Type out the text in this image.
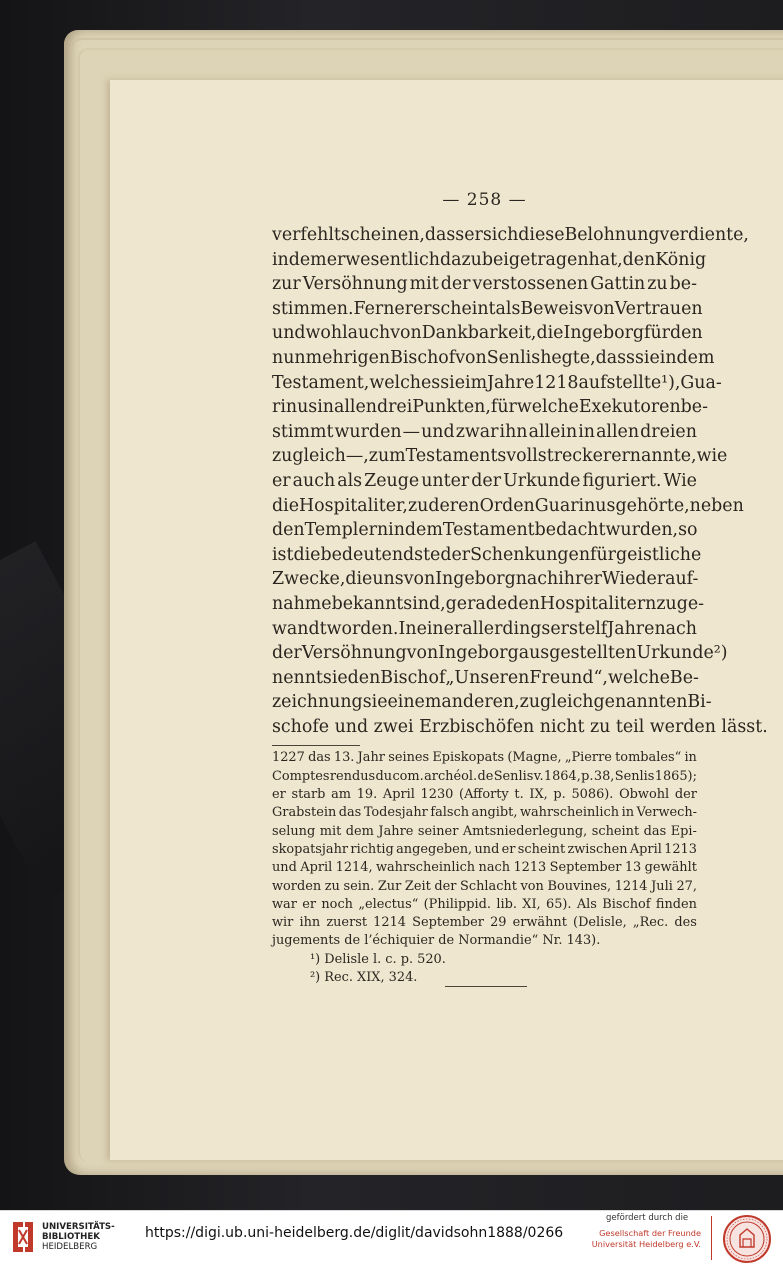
— 258 —
verfehlt scheinen, dass er sich diese Belohnung verdiente,
indem er wesentlich dazu beigetragen hat, den König
zur Versöhnung mit der verstossenen Gattin zu be-
stimmen. Ferner erscheint als Beweis von Vertrauen
und wohl auch von Dankbarkeit, die Ingeborg für den
nunmehrigen Bischof von Senlis hegte, dass sie in dem
Testament, welches sie im Jahre 1218 aufstellte¹), Gua-
rinus in allen drei Punkten, für welche Exekutoren be-
stimmt wurden — und zwar ihn allein in allen dreien
zugleich —, zum Testamentsvollstrecker ernannte, wie
er auch als Zeuge unter der Urkunde figuriert. Wie
die Hospitaliter, zu deren Orden Guarinus gehörte, neben
den Templern in dem Testament bedacht wurden, so
ist die bedeutendste der Schenkungen für geistliche
Zwecke, die uns von Ingeborg nach ihrer Wiederauf-
nahme bekannt sind, gerade den Hospitalitern zuge-
wandt worden. In einer allerdings erst elf Jahre nach
der Versöhnung von Ingeborg ausgestellten Urkunde²)
nennt sie den Bischof „Unseren Freund“, welche Be-
zeichnung sie einem anderen, zugleich genannten Bi-
schofe und zwei Erzbischöfen nicht zu teil werden lässt.
1227 das 13. Jahr seines Episkopats (Magne, „Pierre tombales“ in
Comptes rendus du com. archéol. de Senlis v. 1864, p. 38, Senlis 1865);
er starb am 19. April 1230 (Afforty t. IX, p. 5086). Obwohl der
Grabstein das Todesjahr falsch angibt, wahrscheinlich in Verwech-
selung mit dem Jahre seiner Amtsniederlegung, scheint das Epi-
skopatsjahr richtig angegeben, und er scheint zwischen April 1213
und April 1214, wahrscheinlich nach 1213 September 13 gewählt
worden zu sein. Zur Zeit der Schlacht von Bouvines, 1214 Juli 27,
war er noch „electus“ (Philippid. lib. XI, 65). Als Bischof finden
wir ihn zuerst 1214 September 29 erwähnt (Delisle, „Rec. des
jugements de l’échiquier de Normandie“ Nr. 143).
¹) Delisle l. c. p. 520.
²) Rec. XIX, 324.
UNIVERSITÄTS-
BIBLIOTHEK
HEIDELBERG
https://digi.ub.uni-heidelberg.de/diglit/davidsohn1888/0266
gefördert durch die
Gesellschaft der Freunde
Universität Heidelberg e.V.
